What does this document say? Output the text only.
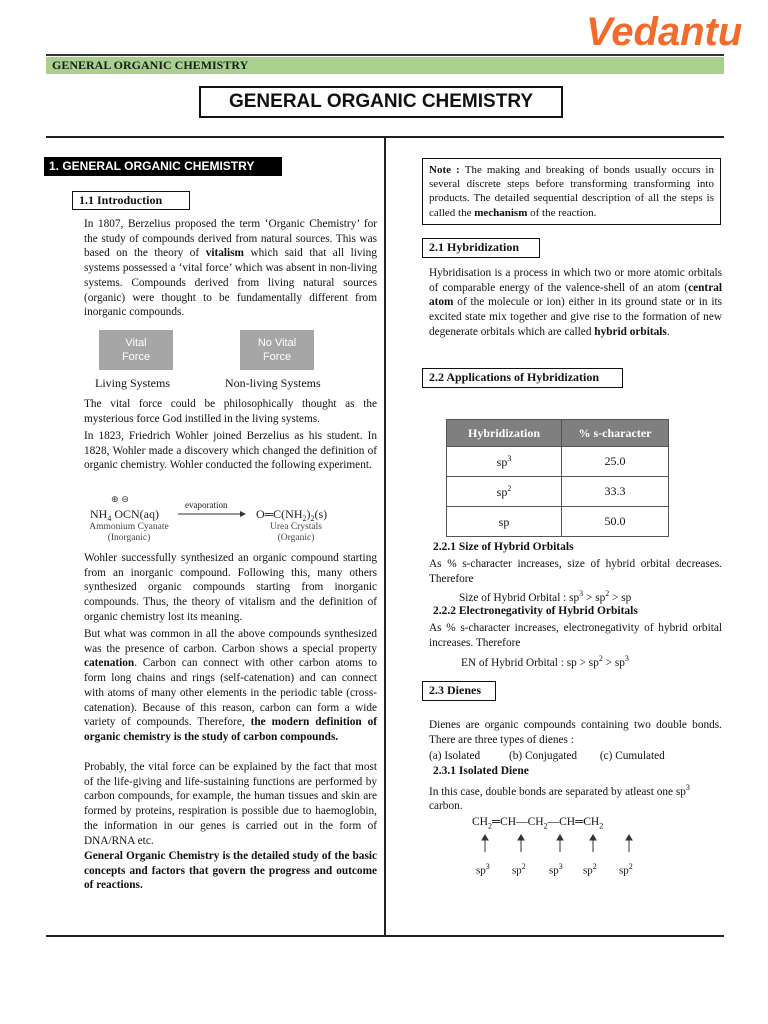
Vedantu
GENERAL ORGANIC CHEMISTRY
GENERAL ORGANIC CHEMISTRY
1. GENERAL ORGANIC CHEMISTRY
1.1 Introduction
In 1807, Berzelius proposed the term ‘Organic Chemistry’ for the study of compounds derived from natural sources. This was based on the theory of vitalism which said that all living systems possessed a ‘vital force’ which was absent in non-living systems. Compounds derived from living natural sources (organic) were thought to be fundamentally different from inorganic compounds.
Vital
Force
No Vital
Force
Living Systems	Non-living Systems
The vital force could be philosophically thought as the mysterious force God instilled in the living systems.
In 1823, Friedrich Wohler joined Berzelius as his student. In 1828, Wohler made a discovery which changed the definition of organic chemistry. Wohler conducted the following experiment.
⊕ ⊖
$NH_4$ OCN(aq)
evaporation
$O═C(NH_2)_2(s)$
Ammonium Cyanate
(Inorganic)
Urea Crystals
(Organic)
Wohler successfully synthesized an organic compound starting from an inorganic compound. Following this, many others synthesized organic compounds starting from inorganic compounds. Thus, the theory of vitalism and the definition of organic chemistry lost its meaning.
But what was common in all the above compounds synthesized was the presence of carbon. Carbon shows a special property catenation. Carbon can connect with other carbon atoms to form long chains and rings (self-catenation) and can connect with atoms of many other elements in the periodic table (cross-catenation). Because of this reason, carbon can form a wide variety of compounds. Therefore, the modern definition of organic chemistry is the study of carbon compounds.
Probably, the vital force can be explained by the fact that most of the life-giving and life-sustaining functions are performed by carbon compounds, for example, the human tissues and skin are formed by proteins, respiration is possible due to haemoglobin, the information in our genes is carried out in the form of DNA/RNA etc.
General Organic Chemistry is the detailed study of the basic concepts and factors that govern the progress and outcome of reactions.
Note : The making and breaking of bonds usually occurs in several discrete steps before transforming transforming into products. The detailed sequential description of all the steps is called the mechanism of the reaction.
2.1 Hybridization
Hybridisation is a process in which two or more atomic orbitals of comparable energy of the valence-shell of an atom (central atom of the molecule or ion) either in its ground state or in its excited state mix together and give rise to the formation of new degenerate orbitals which are called hybrid orbitals.
2.2 Applications of Hybridization
Hybridization	% s-character
$sp^3$	25.0
$sp^2$	33.3
sp	50.0
2.2.1 Size of Hybrid Orbitals
As % s-character increases, size of hybrid orbital decreases. Therefore
Size of Hybrid Orbital : $sp^3 > sp^2$ > sp
2.2.2 Electronegativity of Hybrid Orbitals
As % s-character increases, electronegativity of hybrid orbital increases. Therefore
EN of Hybrid Orbital : sp > $sp^2 > sp^3$
2.3 Dienes
Dienes are organic compounds containing two double bonds. There are three types of dienes :
(a) Isolated	(b) Conjugated (c) Cumulated
2.3.1 Isolated Diene
In this case, double bonds are separated by atleast one $sp^3$
carbon.
$CH_2═CH—CH_2—CH═CH_2$
$sp^3$ $sp^2$ $sp^3$ $sp^2$ $sp^2$
